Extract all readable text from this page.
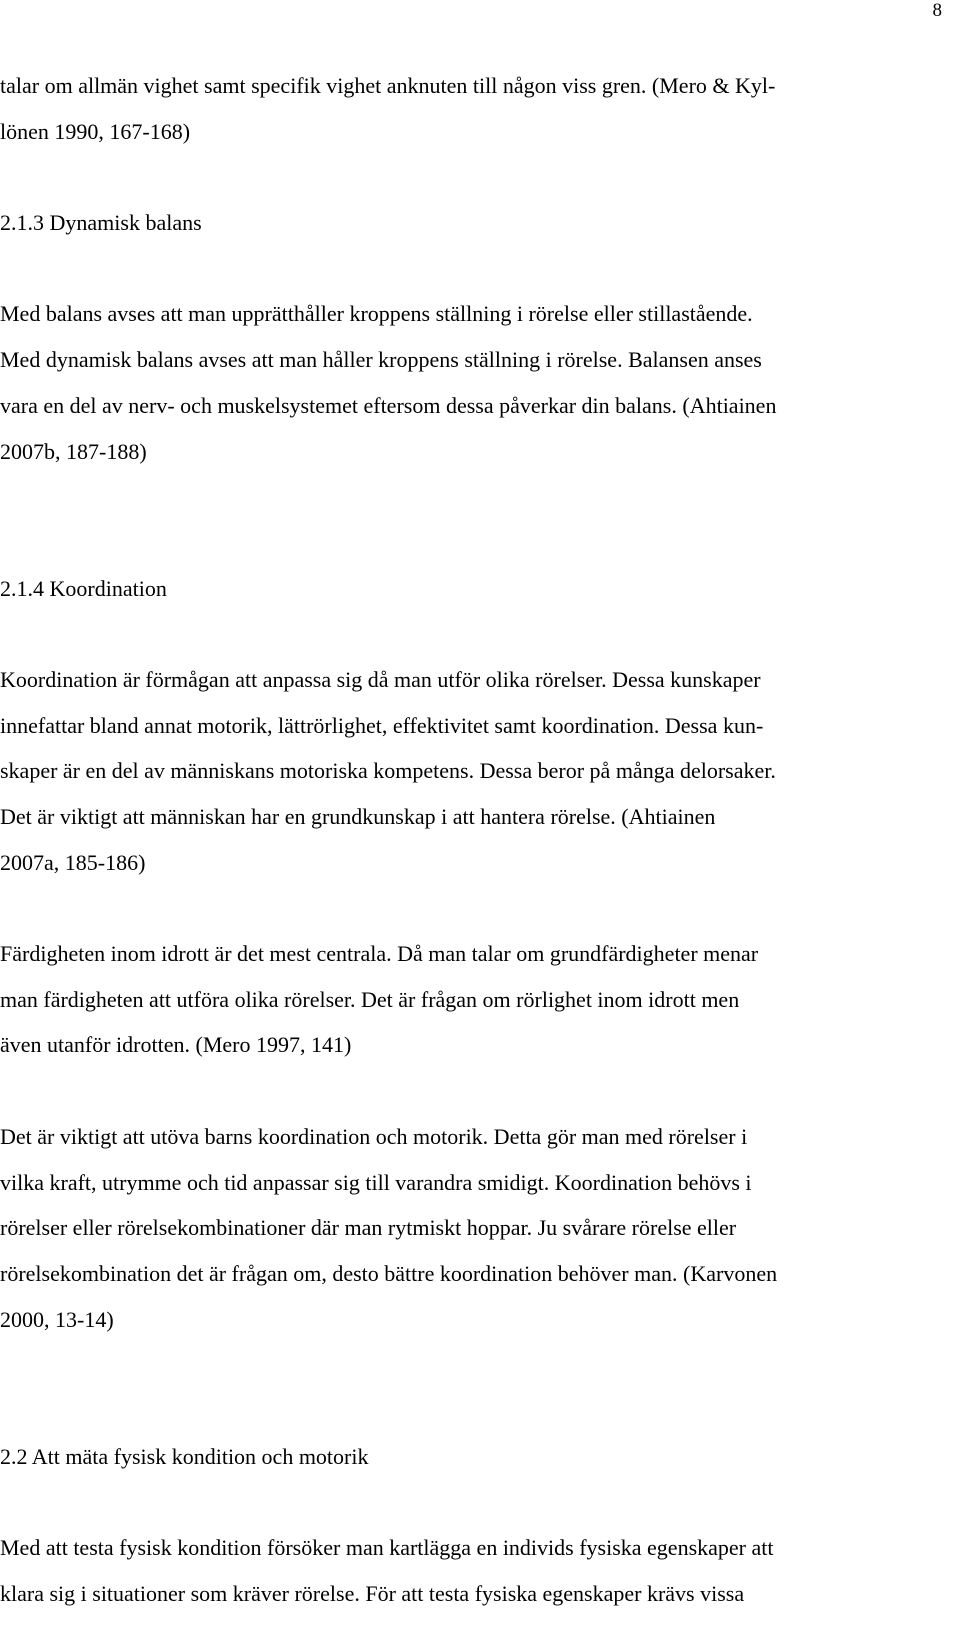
8
talar om allmän vighet samt specifik vighet anknuten till någon viss gren. (Mero & Kyl-
lönen 1990, 167-168)
2.1.3 Dynamisk balans
Med balans avses att man upprätthåller kroppens ställning i rörelse eller stillastående.
Med dynamisk balans avses att man håller kroppens ställning i rörelse. Balansen anses
vara en del av nerv- och muskelsystemet eftersom dessa påverkar din balans. (Ahtiainen
2007b, 187-188)
2.1.4 Koordination
Koordination är förmågan att anpassa sig då man utför olika rörelser. Dessa kunskaper
innefattar bland annat motorik, lättrörlighet, effektivitet samt koordination. Dessa kun-
skaper är en del av människans motoriska kompetens. Dessa beror på många delorsaker.
Det är viktigt att människan har en grundkunskap i att hantera rörelse. (Ahtiainen
2007a, 185-186)
Färdigheten inom idrott är det mest centrala. Då man talar om grundfärdigheter menar
man färdigheten att utföra olika rörelser. Det är frågan om rörlighet inom idrott men
även utanför idrotten. (Mero 1997, 141)
Det är viktigt att utöva barns koordination och motorik. Detta gör man med rörelser i
vilka kraft, utrymme och tid anpassar sig till varandra smidigt. Koordination behövs i
rörelser eller rörelsekombinationer där man rytmiskt hoppar. Ju svårare rörelse eller
rörelsekombination det är frågan om, desto bättre koordination behöver man. (Karvonen
2000, 13-14)
2.2 Att mäta fysisk kondition och motorik
Med att testa fysisk kondition försöker man kartlägga en individs fysiska egenskaper att
klara sig i situationer som kräver rörelse. För att testa fysiska egenskaper krävs vissa
